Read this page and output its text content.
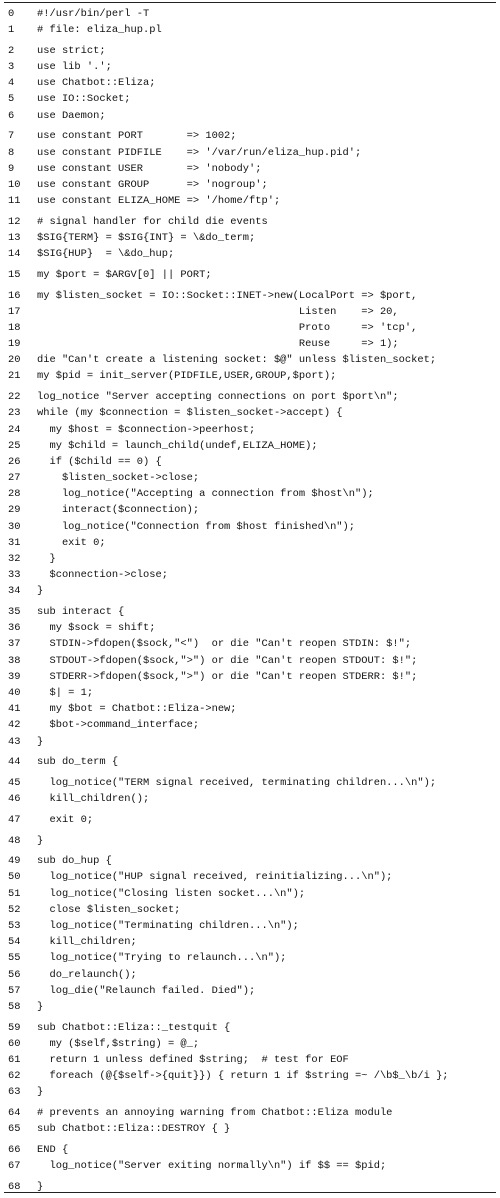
0	#!/usr/bin/perl -T
1	# file: eliza_hup.pl
2	use strict;
3	use lib '.';
4	use Chatbot::Eliza;
5	use IO::Socket;
6	use Daemon;
7	use constant PORT       => 1002;
8	use constant PIDFILE    => '/var/run/eliza_hup.pid';
9	use constant USER       => 'nobody';
10	use constant GROUP      => 'nogroup';
11	use constant ELIZA_HOME => '/home/ftp';
12	# signal handler for child die events
13	$SIG{TERM} = $SIG{INT} = \&do_term;
14	$SIG{HUP}  = \&do_hup;
15	my $port = $ARGV[0] || PORT;
16	my $listen_socket = IO::Socket::INET->new(LocalPort => $port,
17	Listen    => 20,
18	Proto     => 'tcp',
19	Reuse     => 1);
20	die "Can't create a listening socket: $@" unless $listen_socket;
21	my $pid = init_server(PIDFILE,USER,GROUP,$port);
22	log_notice "Server accepting connections on port $port\n";
23	while (my $connection = $listen_socket->accept) {
24	my $host = $connection->peerhost;
25	my $child = launch_child(undef,ELIZA_HOME);
26	if ($child == 0) {
27	$listen_socket->close;
28	log_notice("Accepting a connection from $host\n");
29	interact($connection);
30	log_notice("Connection from $host finished\n");
31	exit 0;
32	}
33	$connection->close;
34	}
35	sub interact {
36	my $sock = shift;
37	STDIN->fdopen($sock,"<")  or die "Can't reopen STDIN: $!";
38	STDOUT->fdopen($sock,">") or die "Can't reopen STDOUT: $!";
39	STDERR->fdopen($sock,">") or die "Can't reopen STDERR: $!";
40	$| = 1;
41	my $bot = Chatbot::Eliza->new;
42	$bot->command_interface;
43	}
44	sub do_term {
45	log_notice("TERM signal received, terminating children...\n");
46	kill_children();
47	exit 0;
48	}
49	sub do_hup {
50	log_notice("HUP signal received, reinitializing...\n");
51	log_notice("Closing listen socket...\n");
52	close $listen_socket;
53	log_notice("Terminating children...\n");
54	kill_children;
55	log_notice("Trying to relaunch...\n");
56	do_relaunch();
57	log_die("Relaunch failed. Died");
58	}
59	sub Chatbot::Eliza::_testquit {
60	my ($self,$string) = @_;
61	return 1 unless defined $string;  # test for EOF
62	foreach (@{$self->{quit}}) { return 1 if $string =~ /\b$_\b/i };
63	}
64	# prevents an annoying warning from Chatbot::Eliza module
65	sub Chatbot::Eliza::DESTROY { }
66	END {
67	log_notice("Server exiting normally\n") if $$ == $pid;
68	}
